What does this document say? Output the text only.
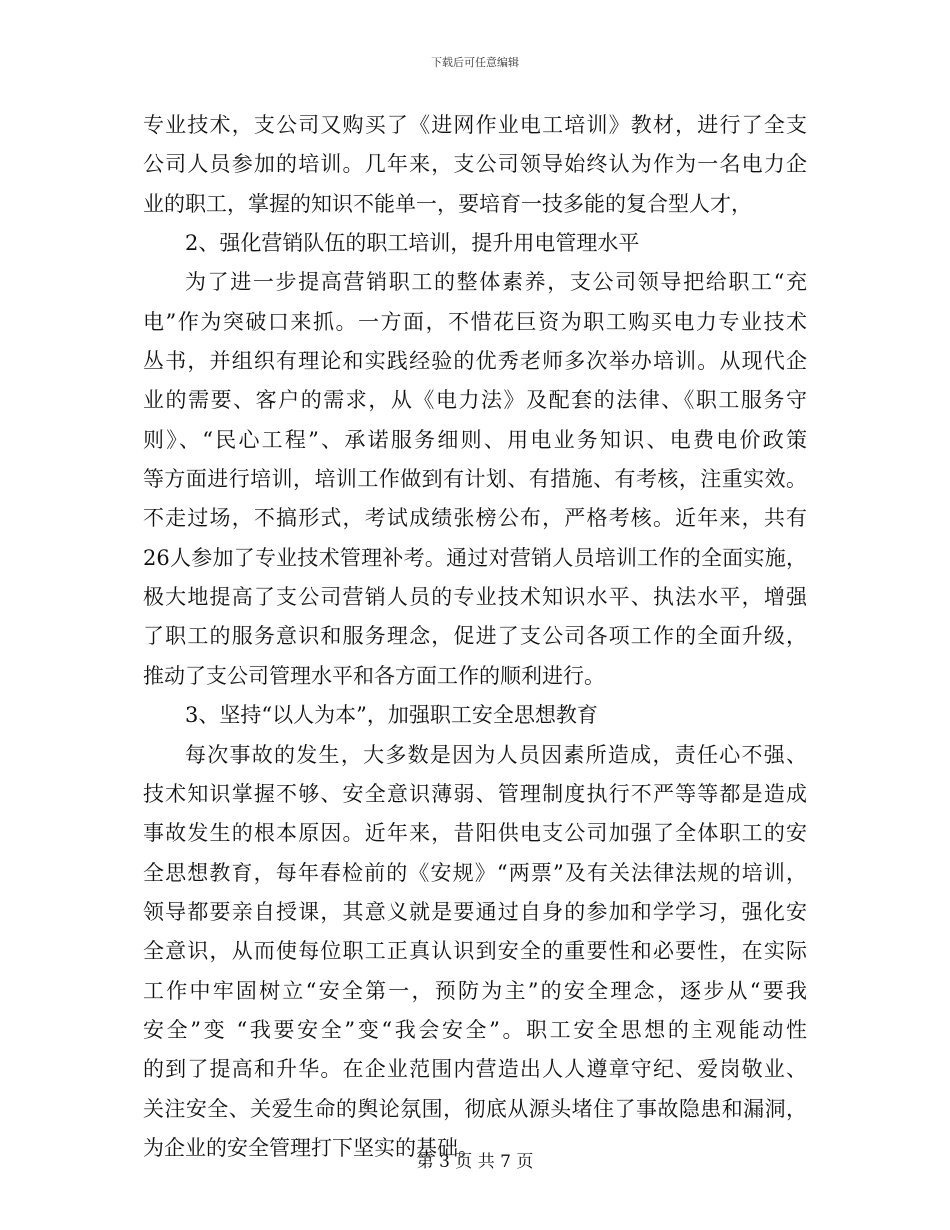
下载后可任意编辑
专业技术，支公司又购买了《进网作业电工培训》教材，进行了全支
公司人员参加的培训。几年来，支公司领导始终认为作为一名电力企
业的职工，掌握的知识不能单一，要培育一技多能的复合型人才，
2、强化营销队伍的职工培训，提升用电管理水平
为了进一步提高营销职工的整体素养，支公司领导把给职工“充
电”作为突破口来抓。一方面，不惜花巨资为职工购买电力专业技术
丛书，并组织有理论和实践经验的优秀老师多次举办培训。从现代企
业的需要、客户的需求，从《电力法》及配套的法律、《职工服务守
则》、“民心工程”、承诺服务细则、用电业务知识、电费电价政策
等方面进行培训，培训工作做到有计划、有措施、有考核，注重实效。
不走过场，不搞形式，考试成绩张榜公布，严格考核。近年来，共有
26人参加了专业技术管理补考。通过对营销人员培训工作的全面实施，
极大地提高了支公司营销人员的专业技术知识水平、执法水平，增强
了职工的服务意识和服务理念，促进了支公司各项工作的全面升级，
推动了支公司管理水平和各方面工作的顺利进行。
3、坚持“以人为本”，加强职工安全思想教育
每次事故的发生，大多数是因为人员因素所造成，责任心不强、
技术知识掌握不够、安全意识薄弱、管理制度执行不严等等都是造成
事故发生的根本原因。近年来，昔阳供电支公司加强了全体职工的安
全思想教育，每年春检前的《安规》“两票”及有关法律法规的培训，
领导都要亲自授课，其意义就是要通过自身的参加和学学习，强化安
全意识，从而使每位职工正真认识到安全的重要性和必要性，在实际
工作中牢固树立“安全第一，预防为主”的安全理念，逐步从“要我
安全”变 “我要安全”变“我会安全”。职工安全思想的主观能动性
的到了提高和升华。在企业范围内营造出人人遵章守纪、爱岗敬业、
关注安全、关爱生命的舆论氛围，彻底从源头堵住了事故隐患和漏洞，
为企业的安全管理打下坚实的基础。
第 3 页 共 7 页
